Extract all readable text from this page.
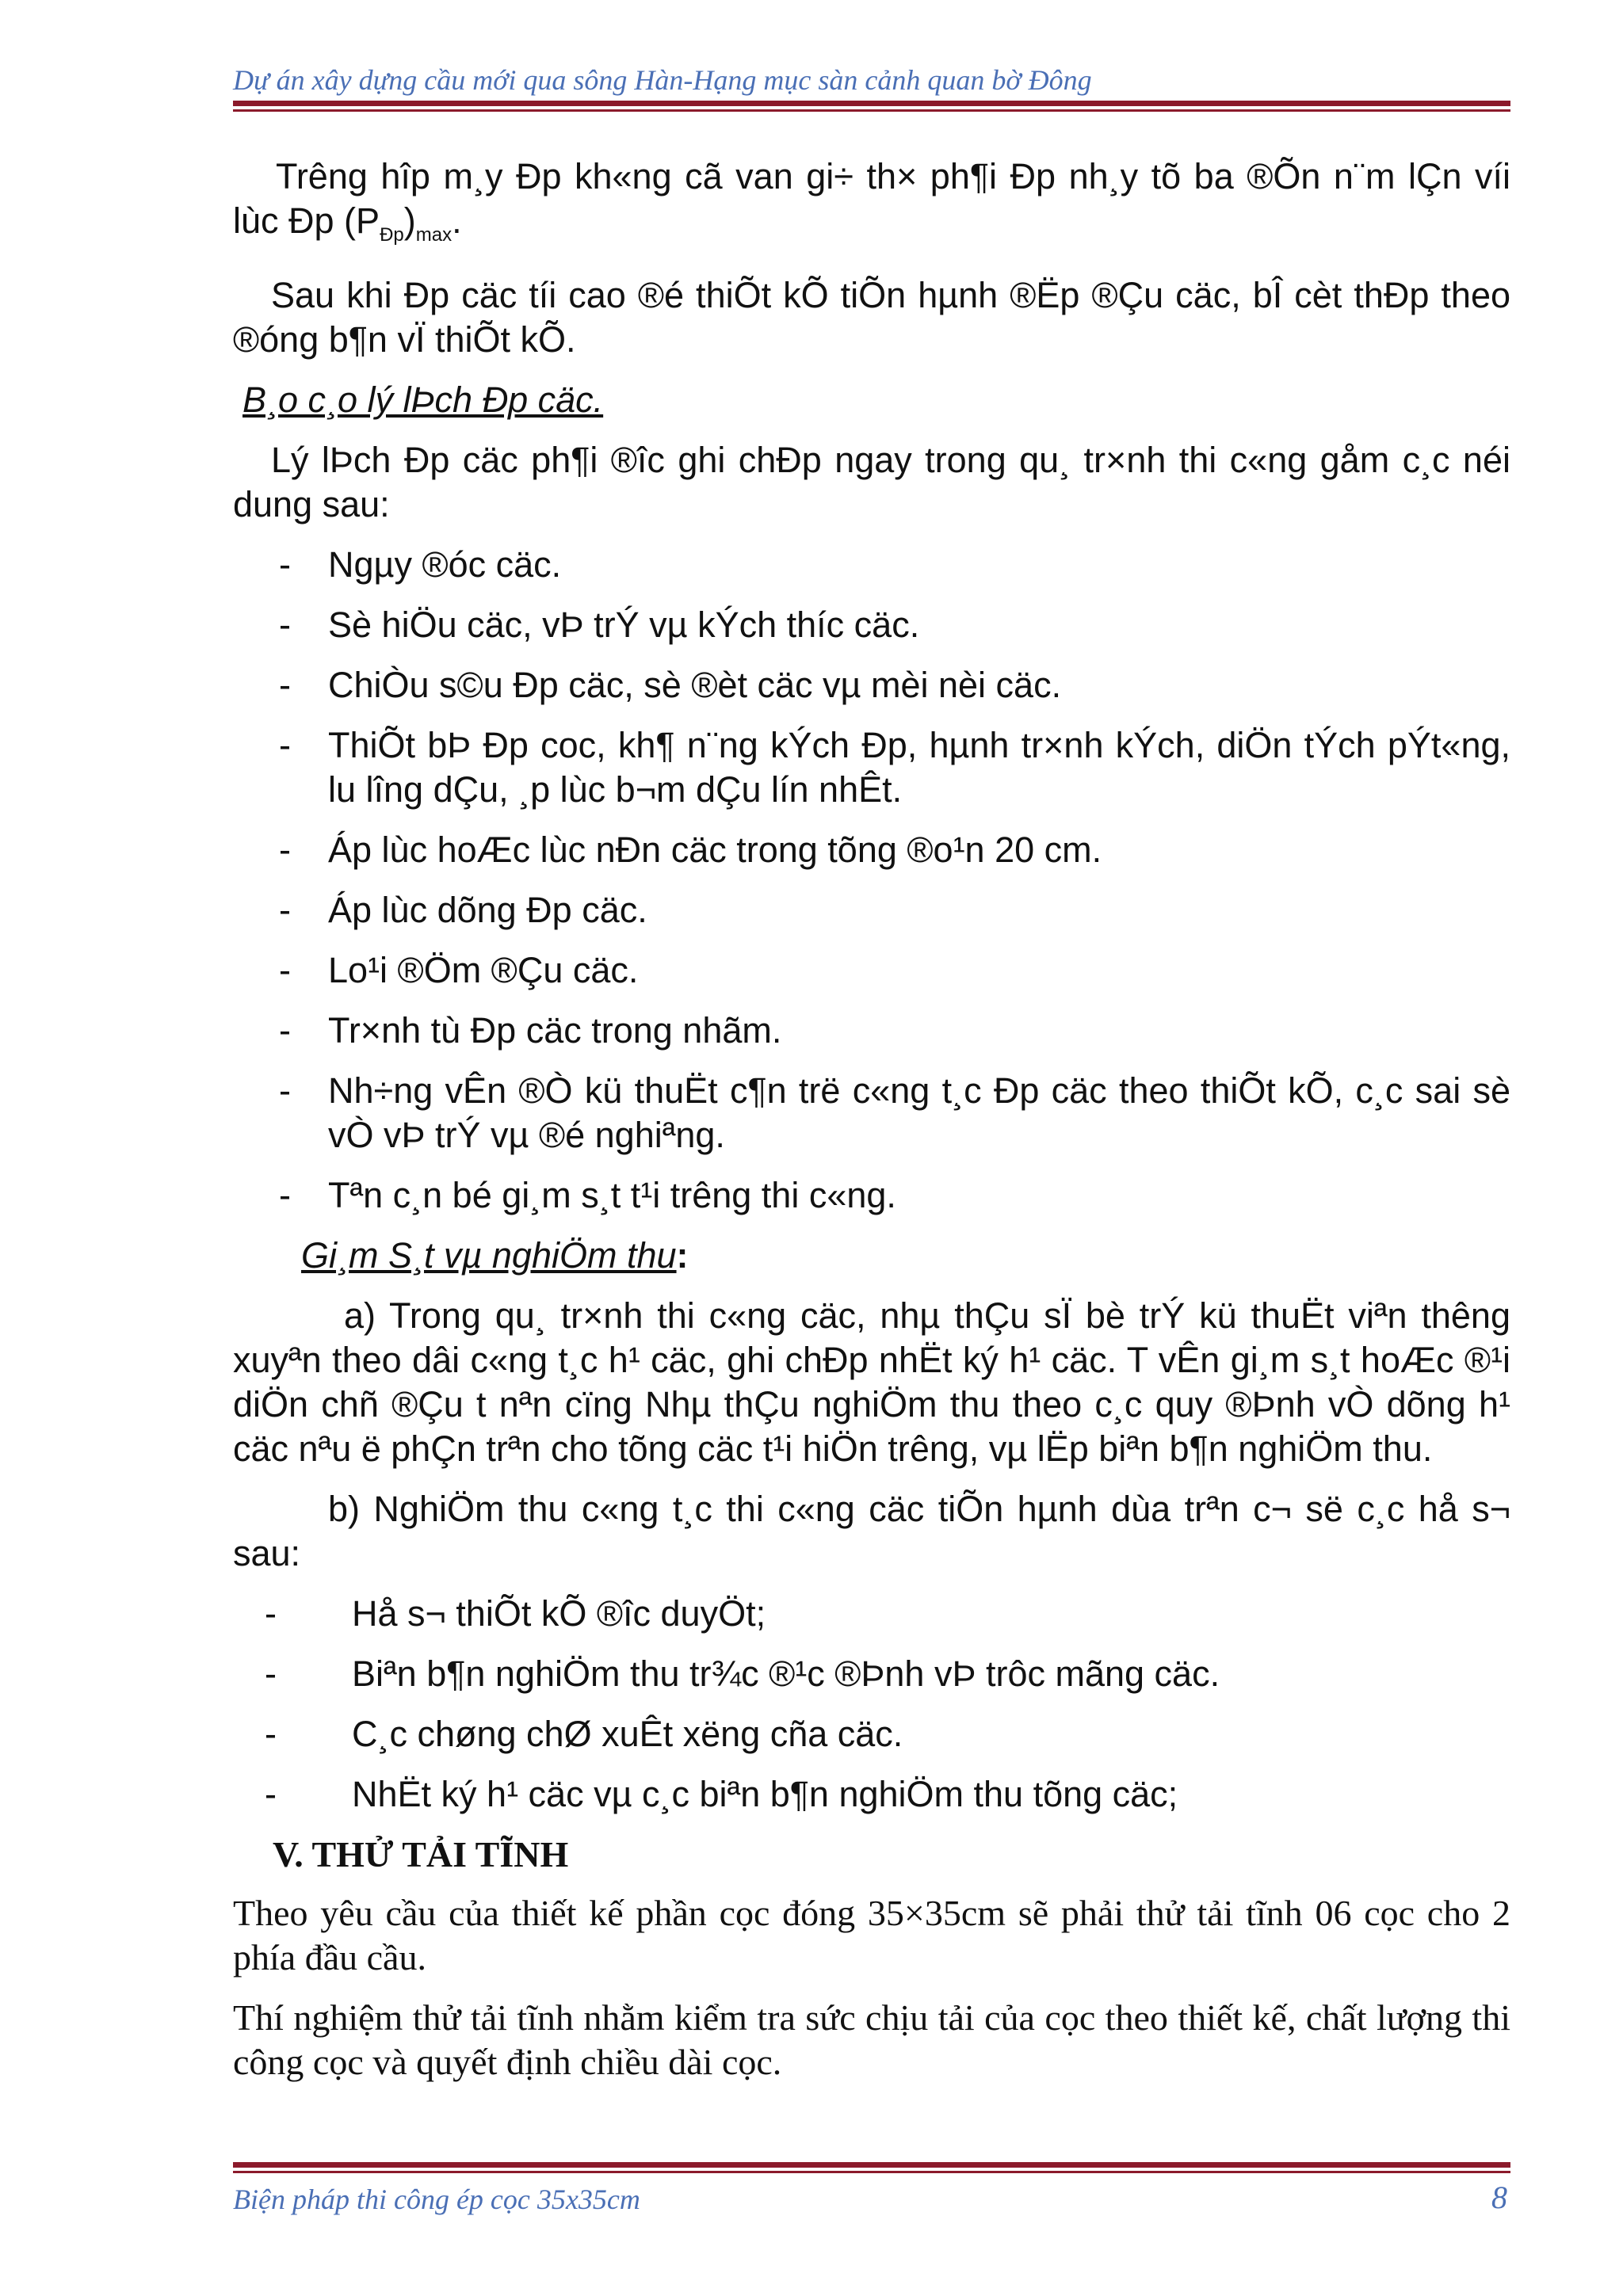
Dự án xây dựng cầu mới qua sông Hàn-Hạng mục sàn cảnh quan bờ Đông

Trêng hîp m¸y Ðp kh«ng cã van gi÷ th× ph¶i Ðp nh¸y tõ ba ®Õn n¨m lÇn víi lùc Ðp $(P_{Ðp})_{max}$.

Sau khi Ðp cäc tíi cao ®é thiÕt kÕ tiÕn hµnh ®Ëp ®Çu cäc, bÎ cèt thÐp theo ®óng b¶n vÏ thiÕt kÕ.

B¸o c¸o lý lÞch Ðp cäc.

Lý lÞch Ðp cäc ph¶i ®îc ghi chÐp ngay trong qu¸ tr×nh thi c«ng gåm c¸c néi dung sau:

- Ngµy ®óc cäc.
- Sè hiÖu cäc, vÞ trÝ vµ kÝch thíc cäc.
- ChiÒu s©u Ðp cäc, sè ®èt cäc vµ mèi nèi cäc.
- ThiÕt bÞ Ðp coc, kh¶ n¨ng kÝch Ðp, hµnh tr×nh kÝch, diÖn tÝch pÝt«ng, lu lîng dÇu, ¸p lùc b¬m dÇu lín nhÊt.
- Áp lùc hoÆc lùc nÐn cäc trong tõng ®o¹n 20 cm.
- Áp lùc dõng Ðp cäc.
- Lo¹i ®Öm ®Çu cäc.
- Tr×nh tù Ðp cäc trong nhãm.
- Nh÷ng vÊn ®Ò kü thuËt c¶n trë c«ng t¸c Ðp cäc theo thiÕt kÕ, c¸c sai sè vÒ vÞ trÝ vµ ®é nghiªng.
- Tªn c¸n bé gi¸m s¸t t¹i trêng thi c«ng.

Gi¸m S¸t vµ nghiÖm thu:

a) Trong qu¸ tr×nh thi c«ng cäc, nhµ thÇu sÏ bè trÝ kü thuËt viªn thêng xuyªn theo dâi c«ng t¸c h¹ cäc, ghi chÐp nhËt ký h¹ cäc. T vÊn gi¸m s¸t hoÆc ®¹i diÖn chñ ®Çu t nªn cïng Nhµ thÇu nghiÖm thu theo c¸c quy ®Þnh vÒ dõng h¹ cäc nªu ë phÇn trªn cho tõng cäc t¹i hiÖn trêng, vµ lËp biªn b¶n nghiÖm thu.

b) NghiÖm thu c«ng t¸c thi c«ng cäc tiÕn hµnh dùa trªn c¬ së c¸c hå s¬ sau:

- Hå s¬ thiÕt kÕ ®îc duyÖt;
- Biªn b¶n nghiÖm thu tr¾c ®¹c ®Þnh vÞ trôc mãng cäc.
- C¸c chøng chØ xuÊt xëng cña cäc.
- NhËt ký h¹ cäc vµ c¸c biªn b¶n nghiÖm thu tõng cäc;
V. THỬ TẢI TĨNH

Theo yêu cầu của thiết kế phần cọc đóng 35×35cm sẽ phải thử tải tĩnh 06 cọc cho 2 phía đầu cầu.

Thí nghiệm thử tải tĩnh nhằm kiểm tra sức chịu tải của cọc theo thiết kế, chất lượng thi công cọc và quyết định chiều dài cọc.

Biện pháp thi công ép cọc 35x35cm	8
